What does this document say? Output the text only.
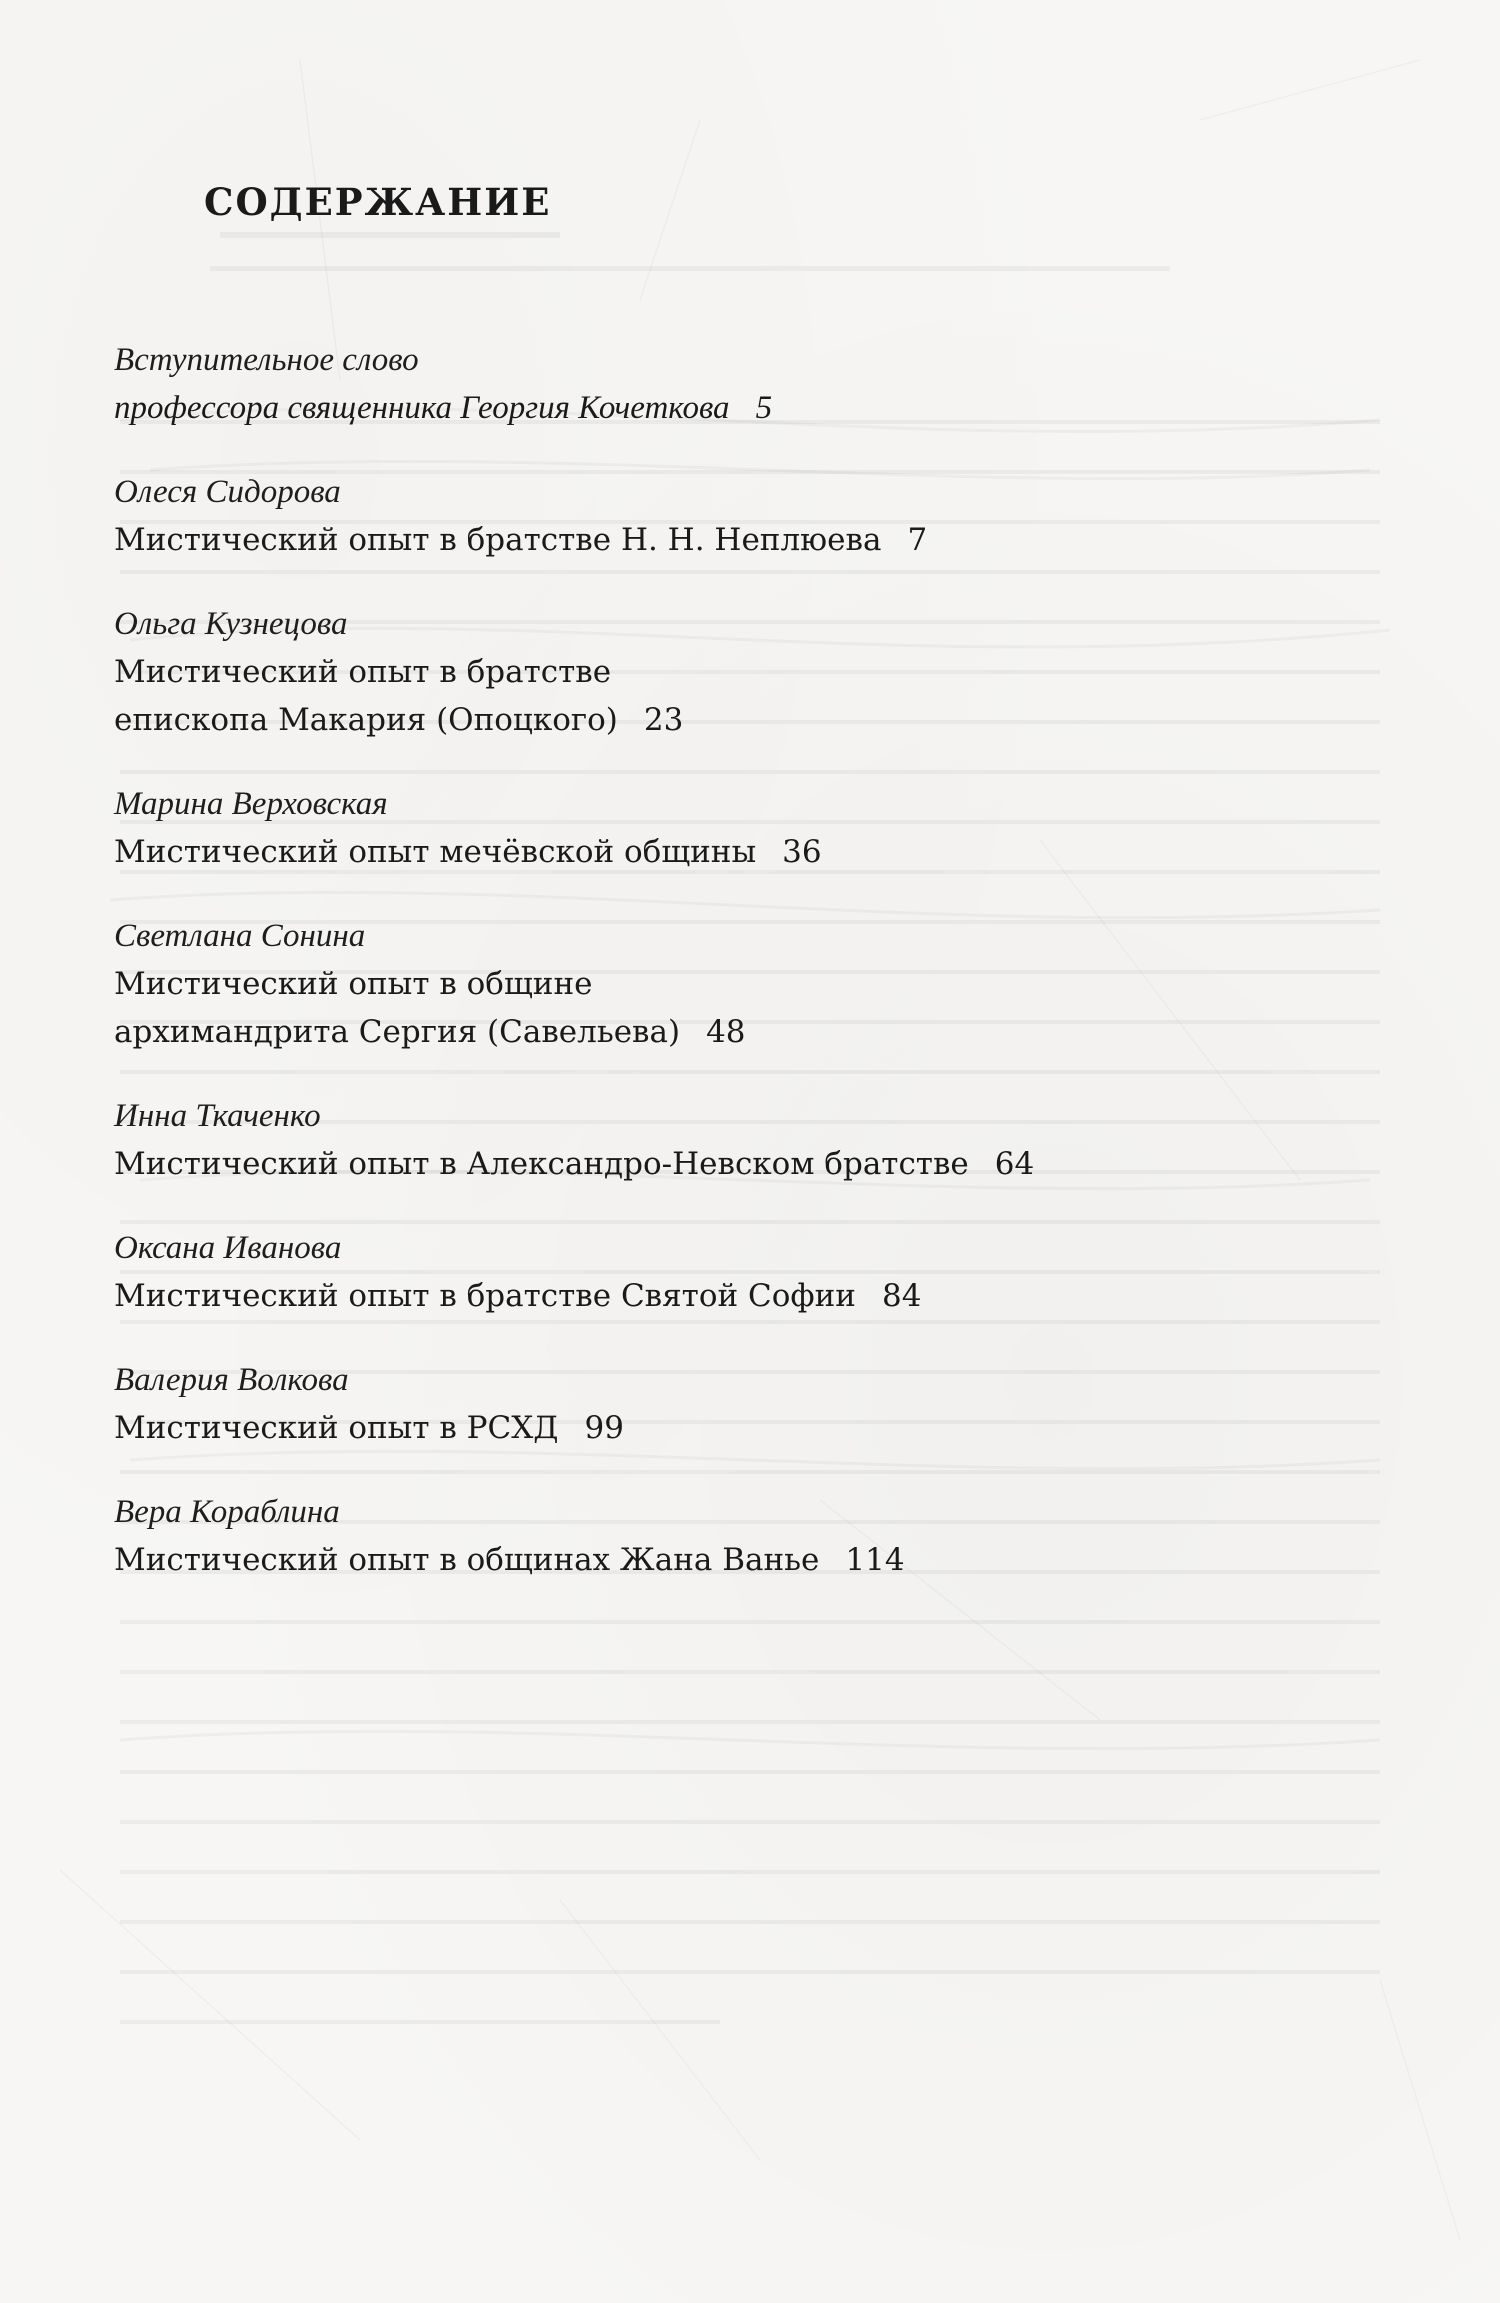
СОДЕРЖАНИЕ
Вступительное слово
профессора священника Георгия Кочеткова 5
Олеся Сидорова
Мистический опыт в братстве Н. Н. Неплюева 7
Ольга Кузнецова
Мистический опыт в братстве
епископа Макария (Опоцкого) 23
Марина Верховская
Мистический опыт мечёвской общины 36
Светлана Сонина
Мистический опыт в общине
архимандрита Сергия (Савельева) 48
Инна Ткаченко
Мистический опыт в Александро-Невском братстве 64
Оксана Иванова
Мистический опыт в братстве Святой Софии 84
Валерия Волкова
Мистический опыт в РСХД 99
Вера Кораблина
Мистический опыт в общинах Жана Ванье 114
